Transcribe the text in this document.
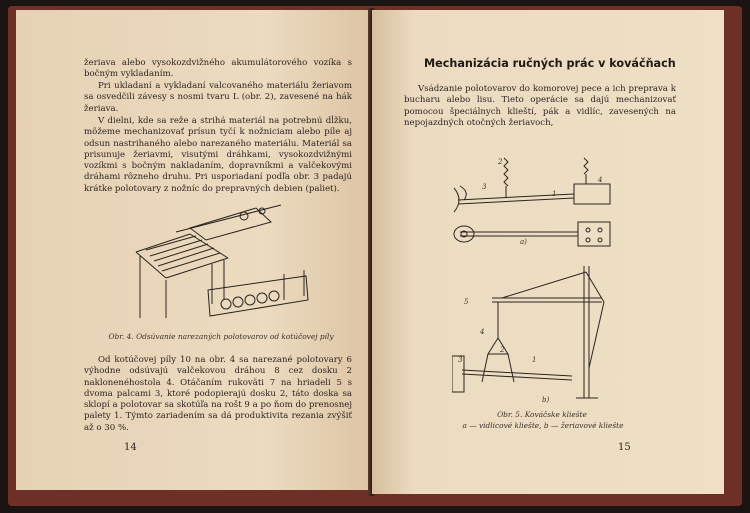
žeriava alebo vysokozdvižného akumulátorového vozíka s bočným vykladaním.

Pri ukladaní a vykladaní valcovaného materiálu žeriavom sa osvedčili závesy s nosmi tvaru L (obr. 2), zavesené na hák žeriava.

V dielni, kde sa reže a strihá materiál na potrebnú dĺžku, môžeme mechanizovať prísun tyčí k nožniciam alebo píle aj odsun nastrihaného alebo narezaného materiálu. Materiál sa prisunuje žeriavmi, visutými dráhkami, vysokozdvižnými vozíkmi s bočným nakladaním, dopravníkmi a valčekovými dráhami rôzneho druhu. Pri usporiadaní podľa obr. 3 padajú krátke polotovary z nožníc do prepravných debien (paliet).

Obr. 4. Odsúvanie narezaných polotovarov od kotúčovej píly

Od kotúčovej píly 10 na obr. 4 sa narezané polotovary 6 výhodne odsúvajú valčekovou dráhou 8 cez dosku 2 naklonenéhostola 4. Otáčaním rukoväti 7 na hriadeli 5 s dvoma palcami 3, ktoré podopierajú dosku 2, táto doska sa sklopí a polotovar sa skotúľa na rošt 9 a po ňom do prenosnej palety 1. Týmto zariadením sa dá produktivita rezania zvýšiť až o 30 %.

14
Mechanizácia ručných prác v kováčňach

Vsádzanie polotovarov do komorovej pece a ich preprava k bucharu alebo lisu. Tieto operácie sa dajú mechanizovať pomocou špeciálnych klieští, pák a vidlíc, zavesených na nepojazdných otočných žeriavoch,

2
3
4
1
a)
5
4
3
2
1
b)
Obr. 5. Kováčske kliešte
a — vidlicové kliešte, b — žeriavové kliešte
15
